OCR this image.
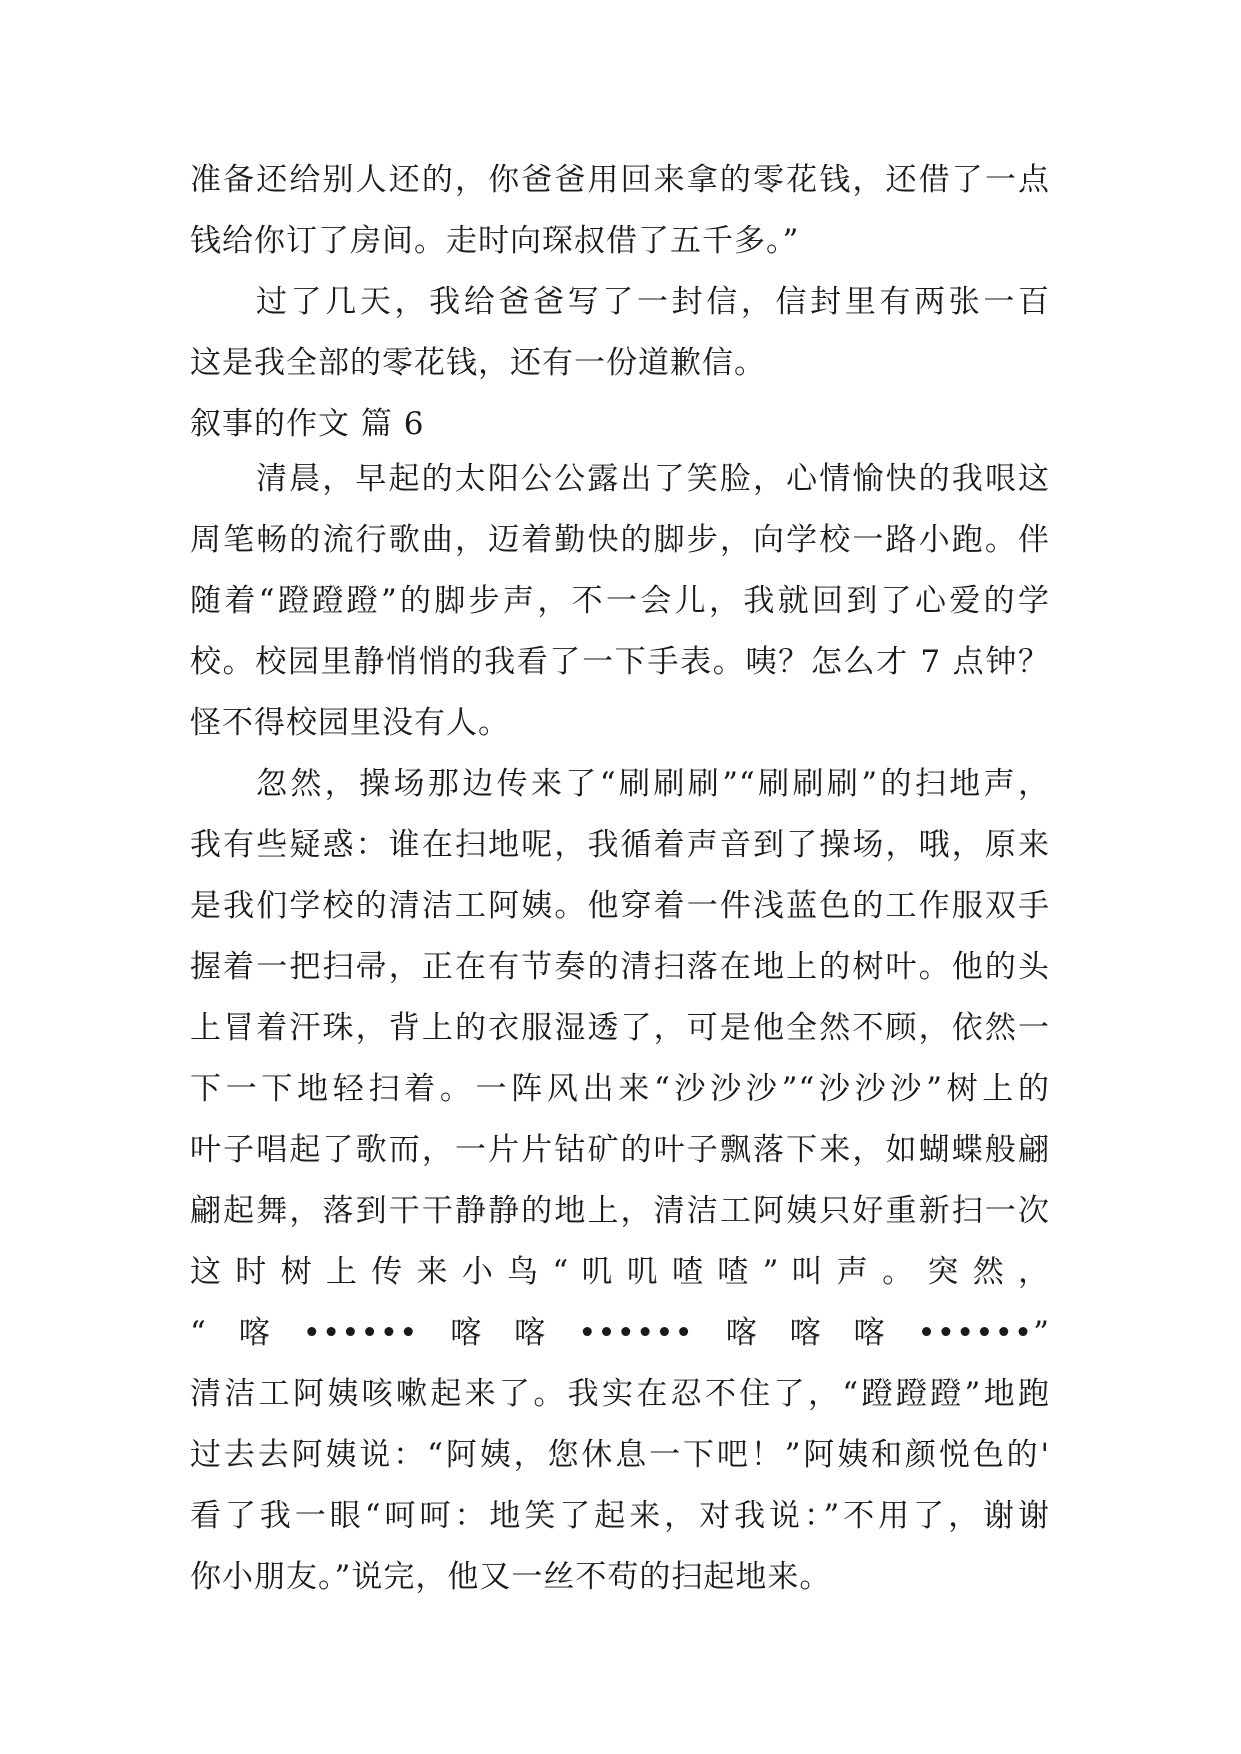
准备还给别人还的，你爸爸用回来拿的零花钱，还借了一点
钱给你订了房间。走时向琛叔借了五千多。”
过了几天，我给爸爸写了一封信，信封里有两张一百
这是我全部的零花钱，还有一份道歉信。
叙事的作文 篇 6
清晨，早起的太阳公公露出了笑脸，心情愉快的我哏这
周笔畅的流行歌曲，迈着勤快的脚步，向学校一路小跑。伴
随着“蹬蹬蹬”的脚步声，不一会儿，我就回到了心爱的学
校。校园里静悄悄的我看了一下手表。咦？怎么才 7 点钟？
怪不得校园里没有人。
忽然，操场那边传来了“刷刷刷”“刷刷刷”的扫地声，
我有些疑惑：谁在扫地呢，我循着声音到了操场，哦，原来
是我们学校的清洁工阿姨。他穿着一件浅蓝色的工作服双手
握着一把扫帚，正在有节奏的清扫落在地上的树叶。他的头
上冒着汗珠，背上的衣服湿透了，可是他全然不顾，依然一
下一下地轻扫着。一阵风出来“沙沙沙”“沙沙沙”树上的
叶子唱起了歌而，一片片钴矿的叶子飘落下来，如蝴蝶般翩
翩起舞，落到干干静静的地上，清洁工阿姨只好重新扫一次
这 时 树 上 传 来 小 鸟 “ 叽 叽 喳 喳 ” 叫 声 。 突 然 ，
“喀••••••喀喀••••••喀喀喀••••••”
清洁工阿姨咳嗽起来了。我实在忍不住了，“蹬蹬蹬”地跑
过去去阿姨说：“阿姨，您休息一下吧！”阿姨和颜悦色的'
看了我一眼“呵呵：地笑了起来，对我说：”不用了，谢谢
你小朋友。”说完，他又一丝不苟的扫起地来。
